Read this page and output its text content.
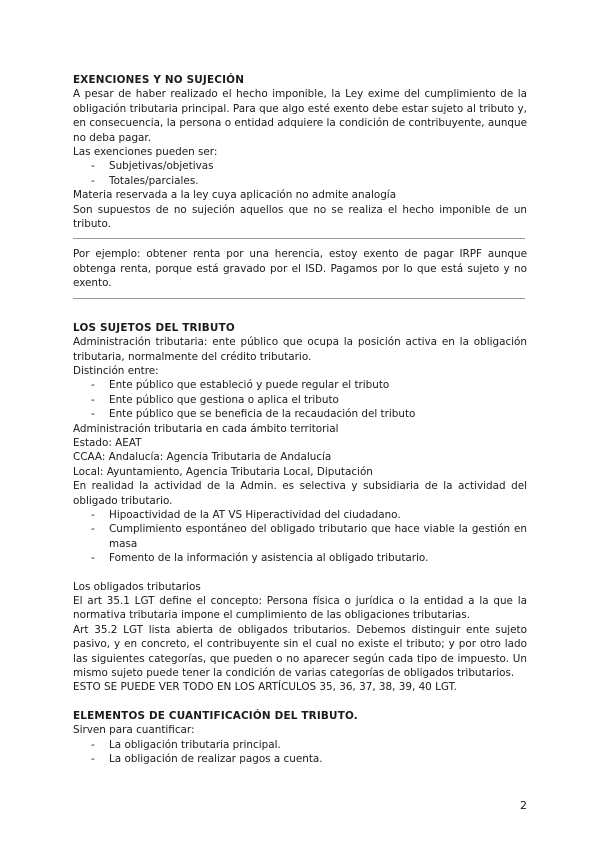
EXENCIONES Y NO SUJECIÓN

A pesar de haber realizado el hecho imponible, la Ley exime del cumplimiento de la obligación tributaria principal. Para que algo esté exento debe estar sujeto al tributo y, en consecuencia, la persona o entidad adquiere la condición de contribuyente, aunque no deba pagar.

Las exenciones pueden ser:

- Subjetivas/objetivas
- Totales/parciales.

Materia reservada a la ley cuya aplicación no admite analogía

Son supuestos de no sujeción aquellos que no se realiza el hecho imponible de un tributo.

Por ejemplo: obtener renta por una herencia, estoy exento de pagar IRPF aunque obtenga renta, porque está gravado por el ISD. Pagamos por lo que está sujeto y no exento.

LOS SUJETOS DEL TRIBUTO

Administración tributaria: ente público que ocupa la posición activa en la obligación tributaria, normalmente del crédito tributario.

Distinción entre:

- Ente público que estableció y puede regular el tributo
- Ente público que gestiona o aplica el tributo
- Ente público que se beneficia de la recaudación del tributo

Administración tributaria en cada ámbito territorial

Estado: AEAT

CCAA: Andalucía: Agencia Tributaria de Andalucía

Local: Ayuntamiento, Agencia Tributaria Local, Diputación

En realidad la actividad de la Admin. es selectiva y subsidiaria de la actividad del obligado tributario.

- Hipoactividad de la AT VS Hiperactividad del ciudadano.
- Cumplimiento espontáneo del obligado tributario que hace viable la gestión en masa
- Fomento de la información y asistencia al obligado tributario.

Los obligados tributarios

El art 35.1 LGT define el concepto: Persona física o jurídica o la entidad a la que la normativa tributaria impone el cumplimiento de las obligaciones tributarias.

Art 35.2 LGT lista abierta de obligados tributarios. Debemos distinguir ente sujeto pasivo, y en concreto, el contribuyente sin el cual no existe el tributo; y por otro lado las siguientes categorías, que pueden o no aparecer según cada tipo de impuesto. Un mismo sujeto puede tener la condición de varias categorías de obligados tributarios.

ESTO SE PUEDE VER TODO EN LOS ARTÍCULOS 35, 36, 37, 38, 39, 40 LGT.

ELEMENTOS DE CUANTIFICACIÓN DEL TRIBUTO.

Sirven para cuantificar:

- La obligación tributaria principal.
- La obligación de realizar pagos a cuenta.
2
